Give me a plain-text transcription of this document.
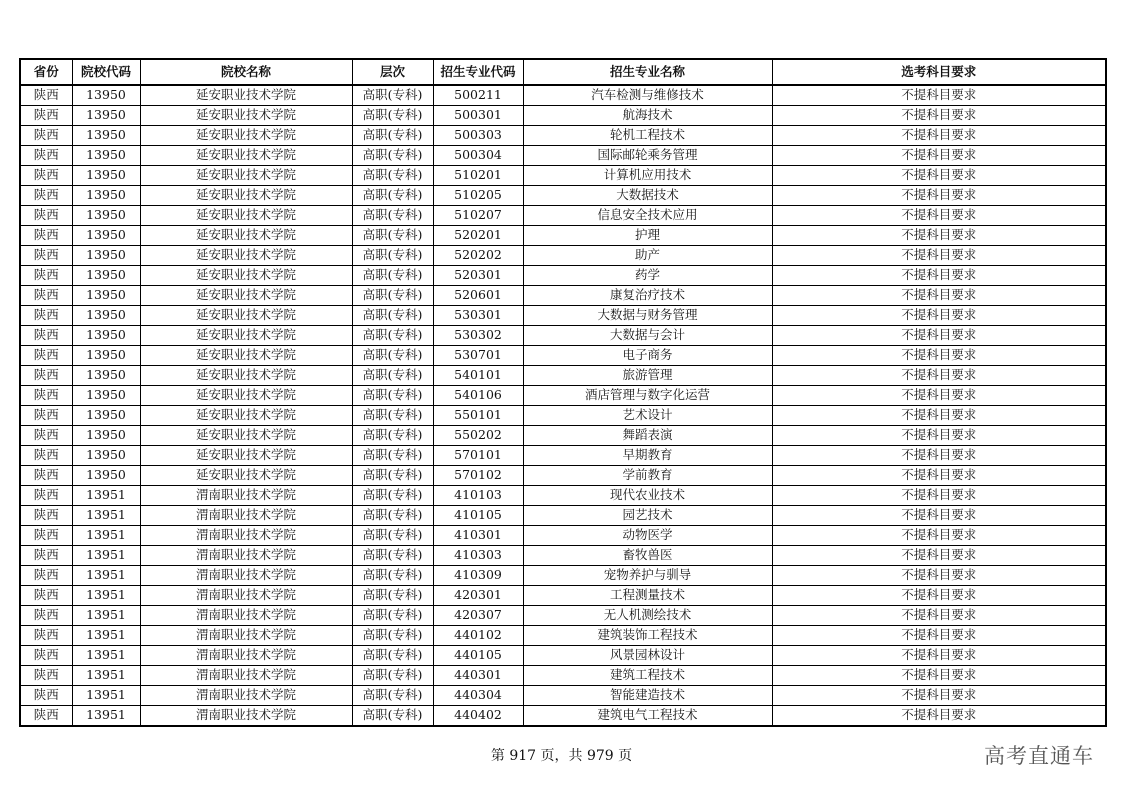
省份	院校代码	院校名称	层次	招生专业代码	招生专业名称	选考科目要求
陕西	13950	延安职业技术学院	高职(专科)	500211	汽车检测与维修技术	不提科目要求
陕西	13950	延安职业技术学院	高职(专科)	500301	航海技术	不提科目要求
陕西	13950	延安职业技术学院	高职(专科)	500303	轮机工程技术	不提科目要求
陕西	13950	延安职业技术学院	高职(专科)	500304	国际邮轮乘务管理	不提科目要求
陕西	13950	延安职业技术学院	高职(专科)	510201	计算机应用技术	不提科目要求
陕西	13950	延安职业技术学院	高职(专科)	510205	大数据技术	不提科目要求
陕西	13950	延安职业技术学院	高职(专科)	510207	信息安全技术应用	不提科目要求
陕西	13950	延安职业技术学院	高职(专科)	520201	护理	不提科目要求
陕西	13950	延安职业技术学院	高职(专科)	520202	助产	不提科目要求
陕西	13950	延安职业技术学院	高职(专科)	520301	药学	不提科目要求
陕西	13950	延安职业技术学院	高职(专科)	520601	康复治疗技术	不提科目要求
陕西	13950	延安职业技术学院	高职(专科)	530301	大数据与财务管理	不提科目要求
陕西	13950	延安职业技术学院	高职(专科)	530302	大数据与会计	不提科目要求
陕西	13950	延安职业技术学院	高职(专科)	530701	电子商务	不提科目要求
陕西	13950	延安职业技术学院	高职(专科)	540101	旅游管理	不提科目要求
陕西	13950	延安职业技术学院	高职(专科)	540106	酒店管理与数字化运营	不提科目要求
陕西	13950	延安职业技术学院	高职(专科)	550101	艺术设计	不提科目要求
陕西	13950	延安职业技术学院	高职(专科)	550202	舞蹈表演	不提科目要求
陕西	13950	延安职业技术学院	高职(专科)	570101	早期教育	不提科目要求
陕西	13950	延安职业技术学院	高职(专科)	570102	学前教育	不提科目要求
陕西	13951	渭南职业技术学院	高职(专科)	410103	现代农业技术	不提科目要求
陕西	13951	渭南职业技术学院	高职(专科)	410105	园艺技术	不提科目要求
陕西	13951	渭南职业技术学院	高职(专科)	410301	动物医学	不提科目要求
陕西	13951	渭南职业技术学院	高职(专科)	410303	畜牧兽医	不提科目要求
陕西	13951	渭南职业技术学院	高职(专科)	410309	宠物养护与驯导	不提科目要求
陕西	13951	渭南职业技术学院	高职(专科)	420301	工程测量技术	不提科目要求
陕西	13951	渭南职业技术学院	高职(专科)	420307	无人机测绘技术	不提科目要求
陕西	13951	渭南职业技术学院	高职(专科)	440102	建筑装饰工程技术	不提科目要求
陕西	13951	渭南职业技术学院	高职(专科)	440105	风景园林设计	不提科目要求
陕西	13951	渭南职业技术学院	高职(专科)	440301	建筑工程技术	不提科目要求
陕西	13951	渭南职业技术学院	高职(专科)	440304	智能建造技术	不提科目要求
陕西	13951	渭南职业技术学院	高职(专科)	440402	建筑电气工程技术	不提科目要求
第 917 页，共 979 页	高考直通车
